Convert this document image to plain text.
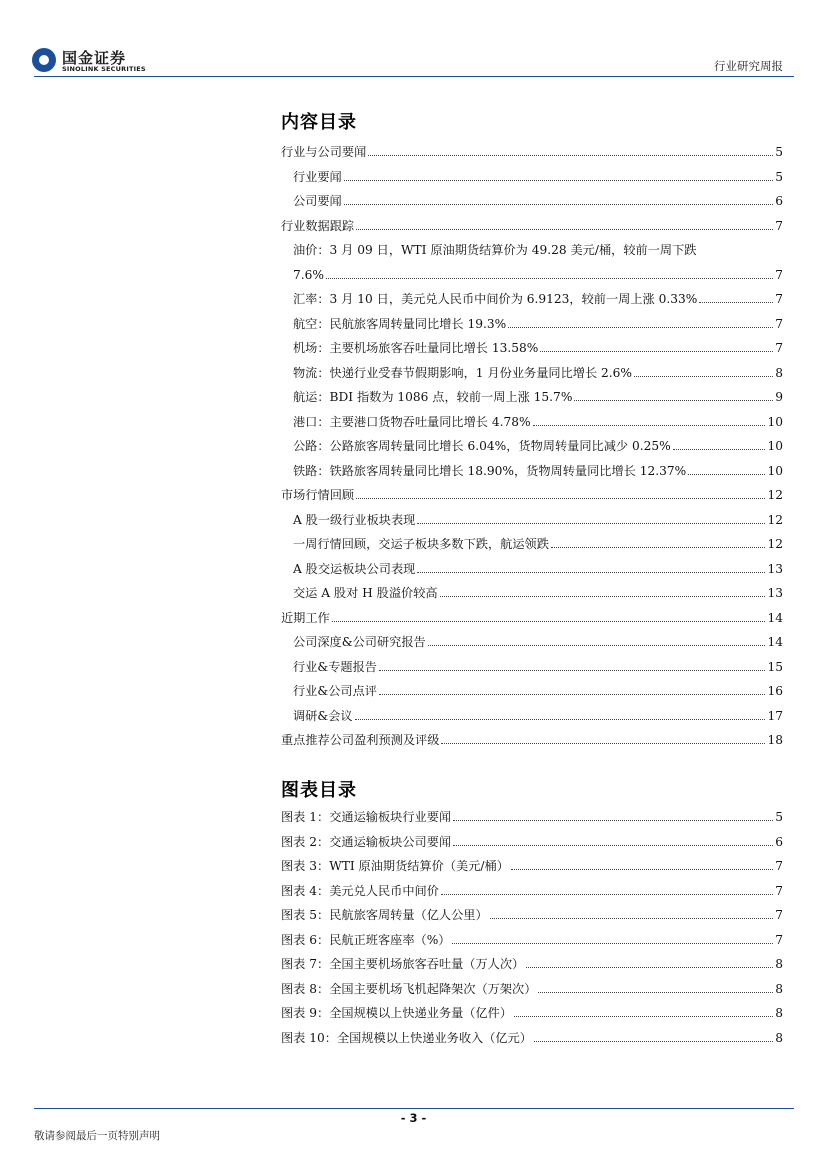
国金证券
SINOLINK SECURITIES	行业研究周报
内容目录
行业与公司要闻	5
行业要闻	5
公司要闻	6
行业数据跟踪	7
油价：3 月 09 日，WTI 原油期货结算价为 49.28 美元/桶，较前一周下跌
7.6%	7
汇率：3 月 10 日，美元兑人民币中间价为 6.9123，较前一周上涨 0.33%	7
航空：民航旅客周转量同比增长 19.3%	7
机场：主要机场旅客吞吐量同比增长 13.58%	7
物流：快递行业受春节假期影响，1 月份业务量同比增长 2.6%	8
航运：BDI 指数为 1086 点，较前一周上涨 15.7%	9
港口：主要港口货物吞吐量同比增长 4.78%	10
公路：公路旅客周转量同比增长 6.04%，货物周转量同比减少 0.25%	10
铁路：铁路旅客周转量同比增长 18.90%，货物周转量同比增长 12.37%	10
市场行情回顾	12
A 股一级行业板块表现	12
一周行情回顾，交运子板块多数下跌，航运领跌	12
A 股交运板块公司表现	13
交运 A 股对 H 股溢价较高	13
近期工作	14
公司深度&公司研究报告	14
行业&专题报告	15
行业&公司点评	16
调研&会议	17
重点推荐公司盈利预测及评级	18
图表目录
图表 1：交通运输板块行业要闻	5
图表 2：交通运输板块公司要闻	6
图表 3：WTI 原油期货结算价（美元/桶）	7
图表 4：美元兑人民币中间价	7
图表 5：民航旅客周转量（亿人公里）	7
图表 6：民航正班客座率（%）	7
图表 7：全国主要机场旅客吞吐量（万人次）	8
图表 8：全国主要机场飞机起降架次（万架次）	8
图表 9：全国规模以上快递业务量（亿件）	8
图表 10：全国规模以上快递业务收入（亿元）	8
- 3 -
敬请参阅最后一页特别声明
